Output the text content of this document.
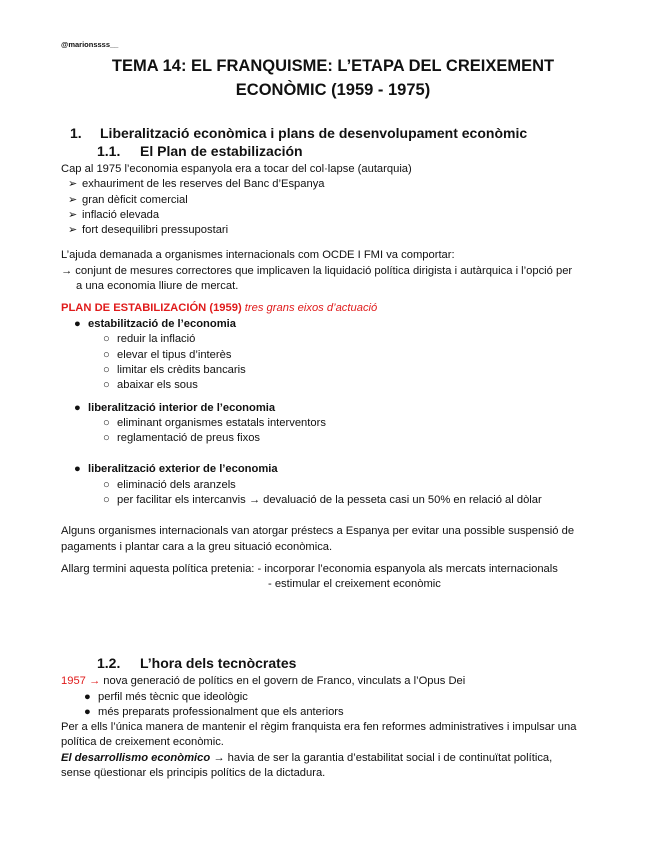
@marionssss__
TEMA 14: EL FRANQUISME: L’ETAPA DEL CREIXEMENT
ECONÒMIC (1959 - 1975)
1. Liberalització econòmica i plans de desenvolupament econòmic
1.1. El Plan de estabilización
Cap al 1975 l’economia espanyola era a tocar del col·lapse (autarquia)
➢ exhauriment de les reserves del Banc d’Espanya
➢ gran dèficit comercial
➢ inflació elevada
➢ fort desequilibri pressupostari
L’ajuda demanada a organismes internacionals com OCDE I FMI va comportar:
→ conjunt de mesures correctores que implicaven la liquidació política dirigista i autàrquica i l’opció per
a una economia lliure de mercat.
PLAN DE ESTABILIZACIÓN (1959) tres grans eixos d’actuació
● estabilització de l’economia
○ reduir la inflació
○ elevar el tipus d’interès
○ limitar els crèdits bancaris
○ abaixar els sous
● liberalització interior de l’economia
○ eliminant organismes estatals interventors
○ reglamentació de preus fixos
● liberalització exterior de l’economia
○ eliminació dels aranzels
○ per facilitar els intercanvis → devaluació de la pesseta casi un 50% en relació al dòlar
Alguns organismes internacionals van atorgar préstecs a Espanya per evitar una possible suspensió de
pagaments i plantar cara a la greu situació econòmica.
Allarg termini aquesta política pretenia: - incorporar l’economia espanyola als mercats internacionals
- estimular el creixement econòmic
1.2. L’hora dels tecnòcrates
1957 → nova generació de polítics en el govern de Franco, vinculats a l’Opus Dei
● perfil més tècnic que ideològic
● més preparats professionalment que els anteriors
Per a ells l’única manera de mantenir el règim franquista era fen reformes administratives i impulsar una
política de creixement econòmic.
El desarrollismo econòmico → havia de ser la garantia d’estabilitat social i de continuïtat política,
sense qüestionar els principis polítics de la dictadura.
